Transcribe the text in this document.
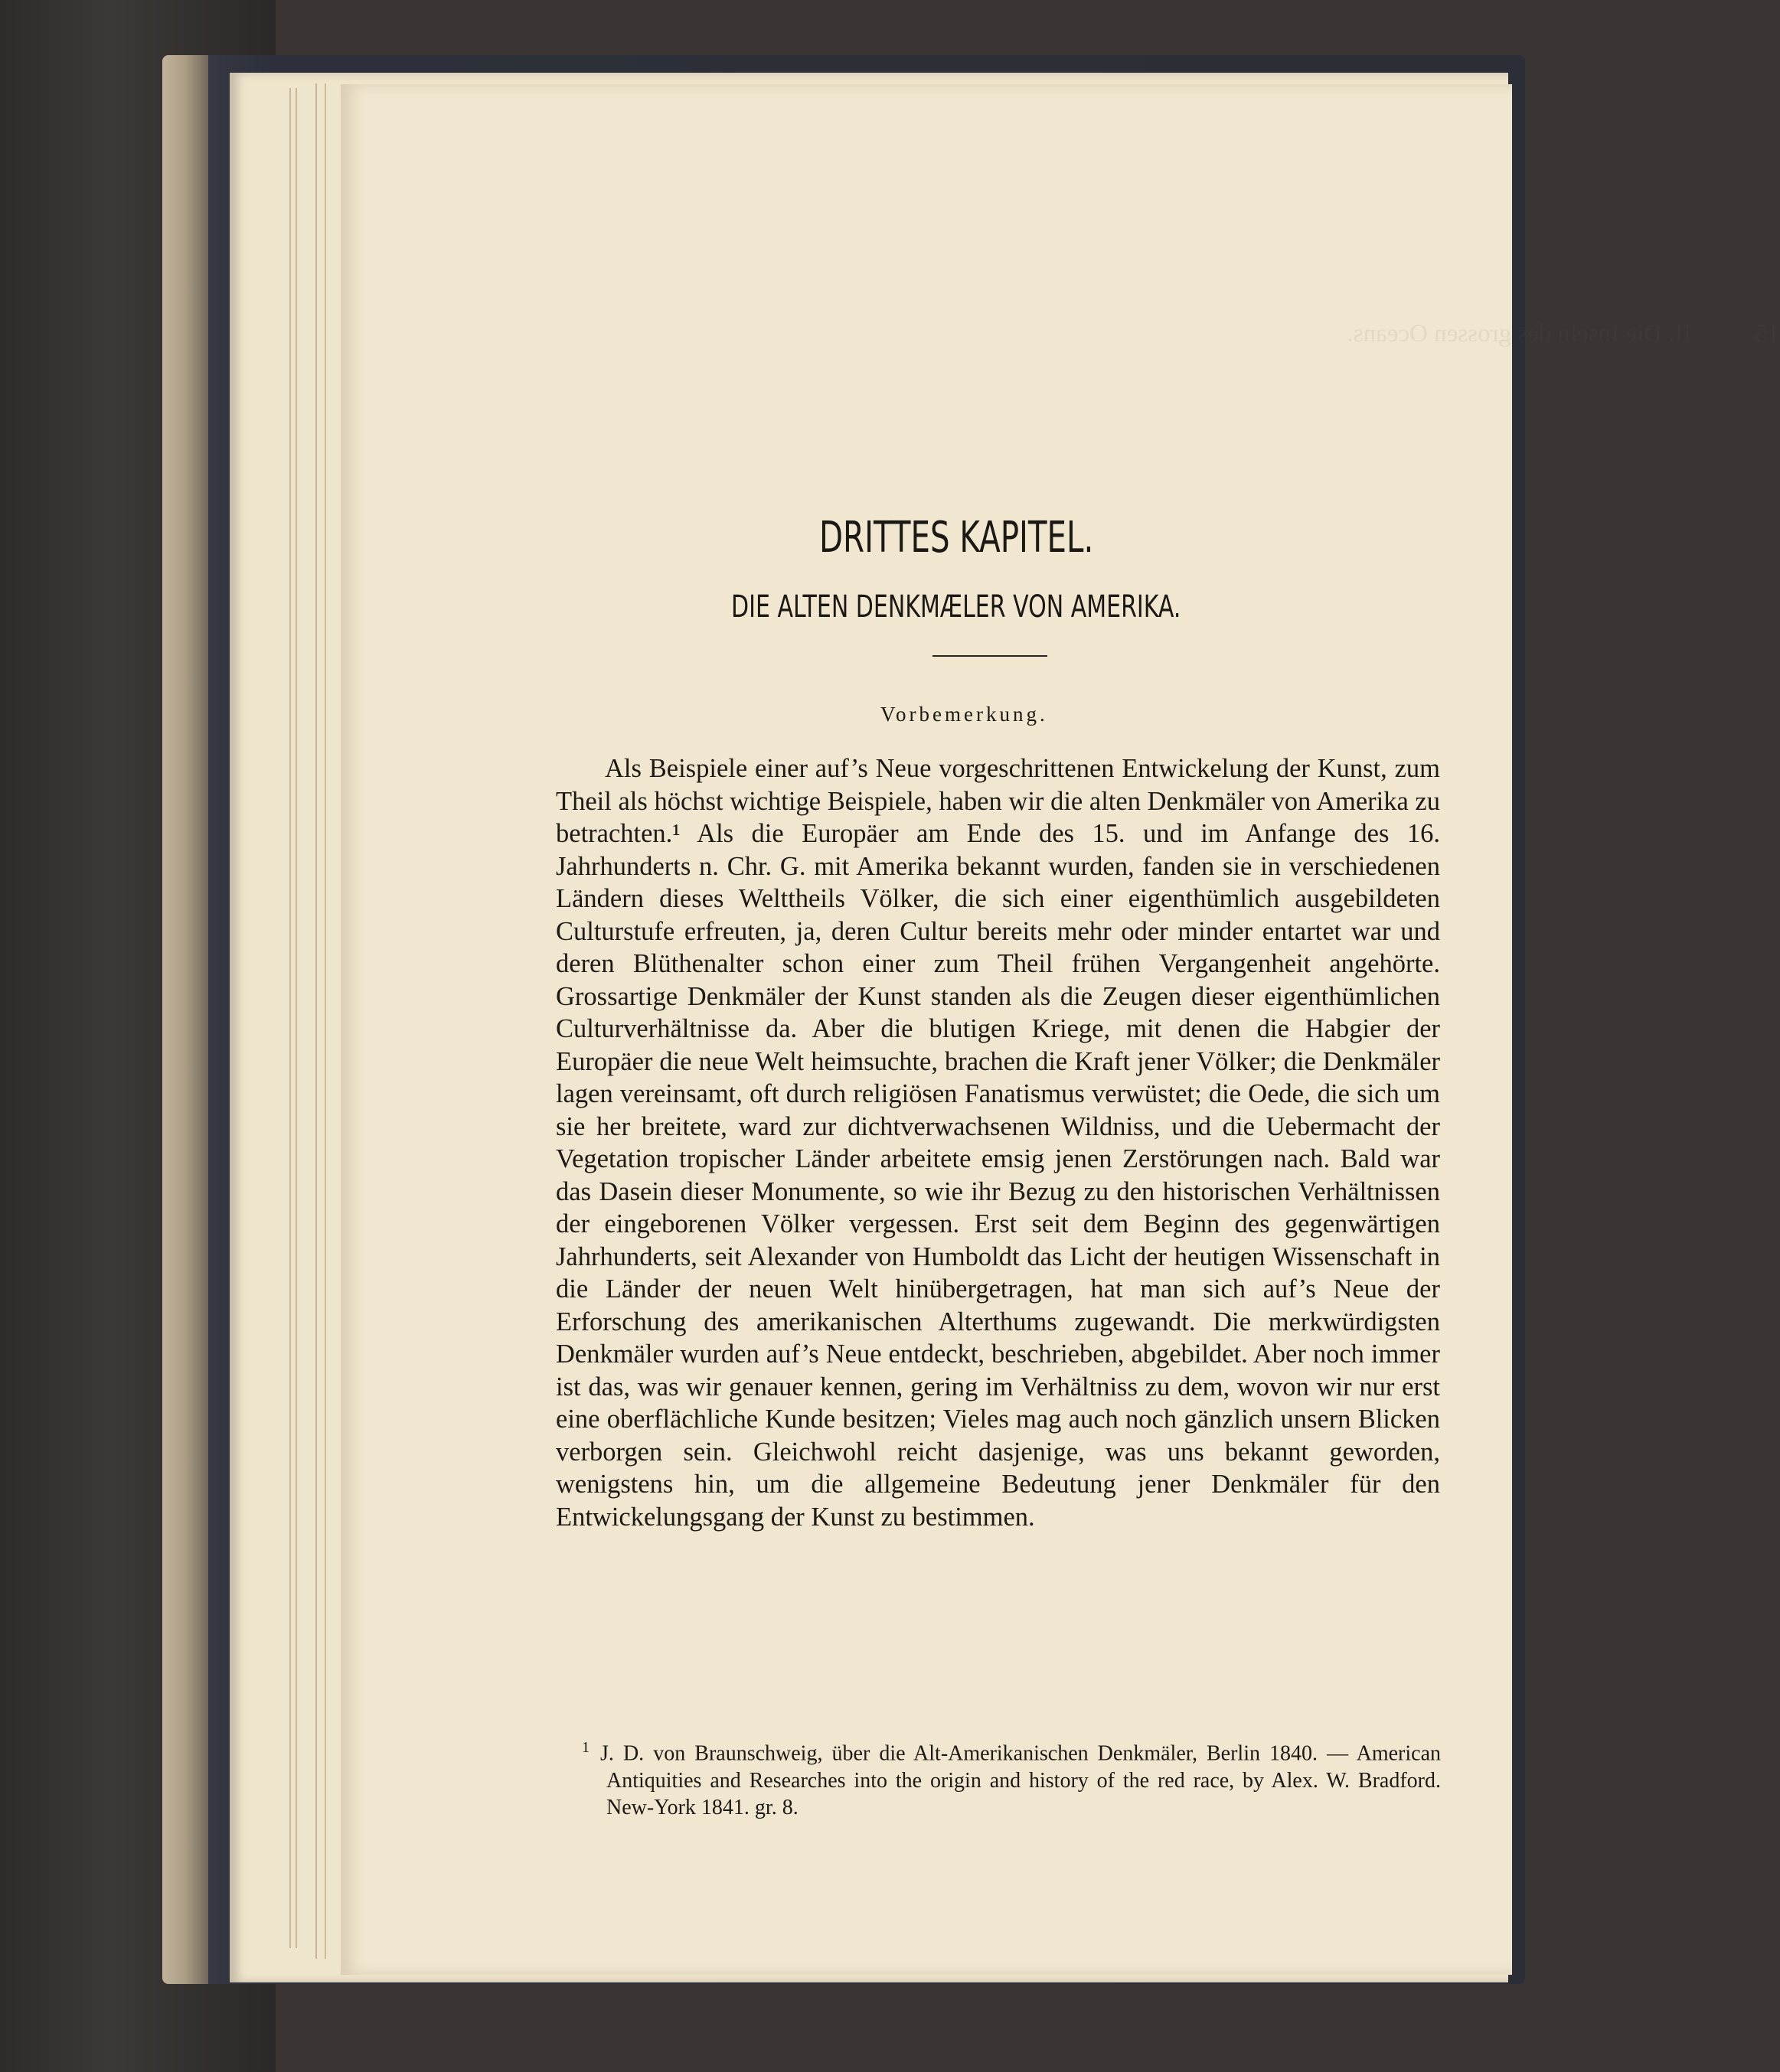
15          II. Die Inseln des grossen Oceans.
DRITTES KAPITEL.
DIE ALTEN DENKMÆLER VON AMERIKA.
Vorbemerkung.

Als Beispiele einer auf’s Neue vorgeschrittenen Entwickelung der Kunst, zum Theil als höchst wichtige Beispiele, haben wir die alten Denkmäler von Amerika zu betrachten.¹ Als die Europäer am Ende des 15. und im Anfange des 16. Jahrhunderts n. Chr. G. mit Amerika bekannt wurden, fanden sie in verschiedenen Ländern dieses Welttheils Völker, die sich einer eigenthümlich ausgebildeten Culturstufe erfreuten, ja, deren Cultur bereits mehr oder minder entartet war und deren Blüthenalter schon einer zum Theil frühen Vergangenheit angehörte. Grossartige Denkmäler der Kunst standen als die Zeugen dieser eigenthümlichen Culturverhältnisse da. Aber die blutigen Kriege, mit denen die Habgier der Europäer die neue Welt heimsuchte, brachen die Kraft jener Völker; die Denkmäler lagen vereinsamt, oft durch religiösen Fanatismus verwüstet; die Oede, die sich um sie her breitete, ward zur dichtverwachsenen Wildniss, und die Uebermacht der Vegetation tropischer Länder arbeitete emsig jenen Zerstörungen nach. Bald war das Dasein dieser Monumente, so wie ihr Bezug zu den historischen Verhältnissen der eingeborenen Völker vergessen. Erst seit dem Beginn des gegenwärtigen Jahrhunderts, seit Alexander von Humboldt das Licht der heutigen Wissenschaft in die Länder der neuen Welt hinübergetragen, hat man sich auf’s Neue der Erforschung des amerikanischen Alterthums zugewandt. Die merkwürdigsten Denkmäler wurden auf’s Neue entdeckt, beschrieben, abgebildet. Aber noch immer ist das, was wir genauer kennen, gering im Verhältniss zu dem, wovon wir nur erst eine oberflächliche Kunde besitzen; Vieles mag auch noch gänzlich unsern Blicken verborgen sein. Gleichwohl reicht dasjenige, was uns bekannt geworden, wenigstens hin, um die allgemeine Bedeutung jener Denkmäler für den Entwickelungsgang der Kunst zu bestimmen.

$^1$ J. D. von Braunschweig, über die Alt-Amerikanischen Denkmäler, Berlin 1840. — American Antiquities and Researches into the origin and history of the red race, by Alex. W. Bradford. New-York 1841. gr. 8.
